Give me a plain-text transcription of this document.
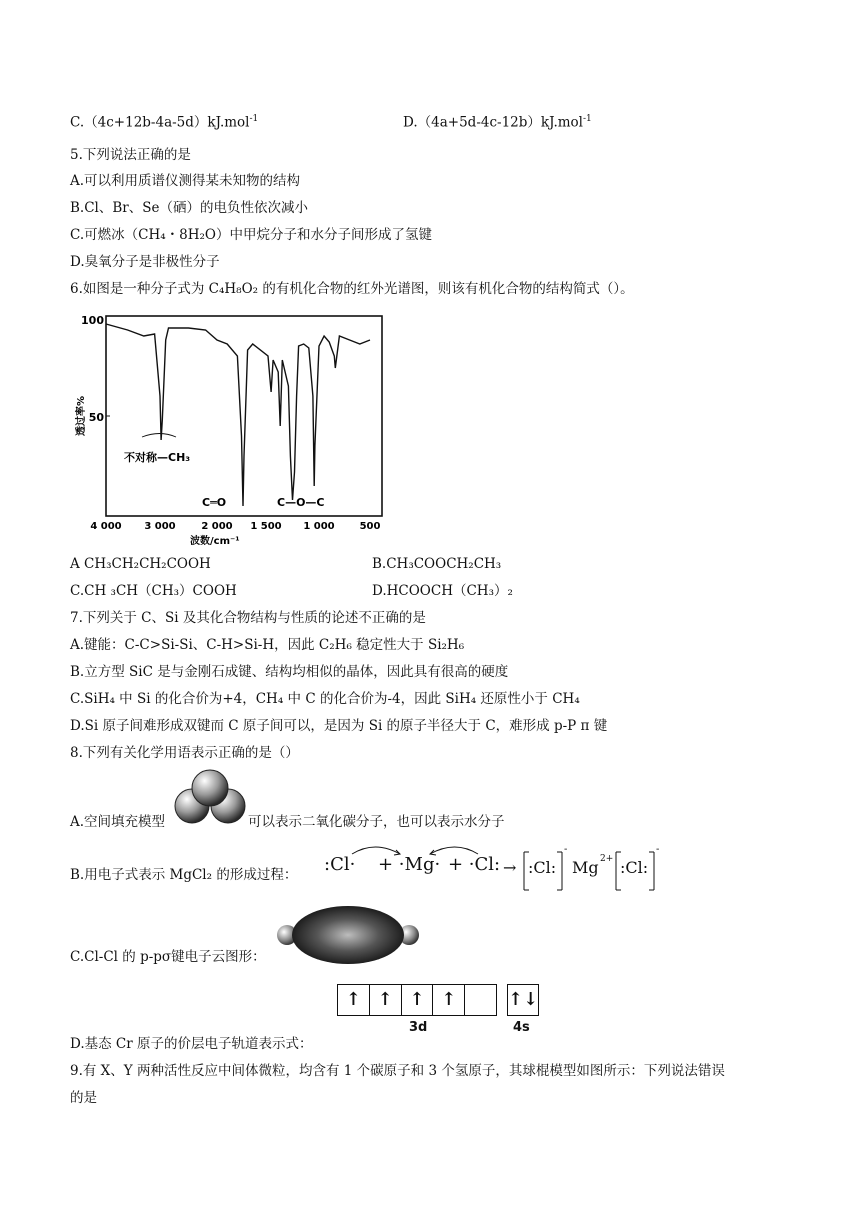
C.（4c+12b-4a-5d）kJ.mol$^{-1}$	D.（4a+5d-4c-12b）kJ.mol$^{-1}$
5.下列说法正确的是
A.可以利用质谱仪测得某未知物的结构
B.Cl、Br、Se（硒）的电负性依次减小
C.可燃冰（CH₄・8H₂O）中甲烷分子和水分子间形成了氢键
D.臭氧分子是非极性分子
6.如图是一种分子式为 C₄H₈O₂ 的有机化合物的红外光谱图，则该有机化合物的结构简式（）。
100
50
透过率%
4 000 3 000	2 000 1 500 1 000 500
波数/cm⁻¹
不对称—CH₃
C═O	C—O—C
A CH₃CH₂CH₂COOH	B.CH₃COOCH₂CH₃
C.CH ₃CH（CH₃）COOH	D.HCOOCH（CH₃）₂
7.下列关于 C、Si 及其化合物结构与性质的论述不正确的是
A.键能：C-C>Si-Si、C-H>Si-H，因此 C₂H₆ 稳定性大于 Si₂H₆
B.立方型 SiC 是与金刚石成键、结构均相似的晶体，因此具有很高的硬度
C.SiH₄ 中 Si 的化合价为+4，CH₄ 中 C 的化合价为-4，因此 SiH₄ 还原性小于 CH₄
D.Si 原子间难形成双键而 C 原子间可以，是因为 Si 的原子半径大于 C，难形成 p-P π 键
8.下列有关化学用语表示正确的是（）
A.空间填充模型	可以表示二氧化碳分子，也可以表示水分子
B.用电子式表示 MgCl₂ 的形成过程： :Cl· + ·Mg· + ·Cl: → :Cl:
-
Mg 2+ :Cl:
-
C.Cl-Cl 的 p-pσ键电子云图形：
D.基态 Cr 原子的价层电子轨道表示式：
↑ ↑ ↑ ↑	↑↓
3d	4s
9.有 X、Y 两种活性反应中间体微粒，均含有 1 个碳原子和 3 个氢原子，其球棍模型如图所示：下列说法错误
的是
